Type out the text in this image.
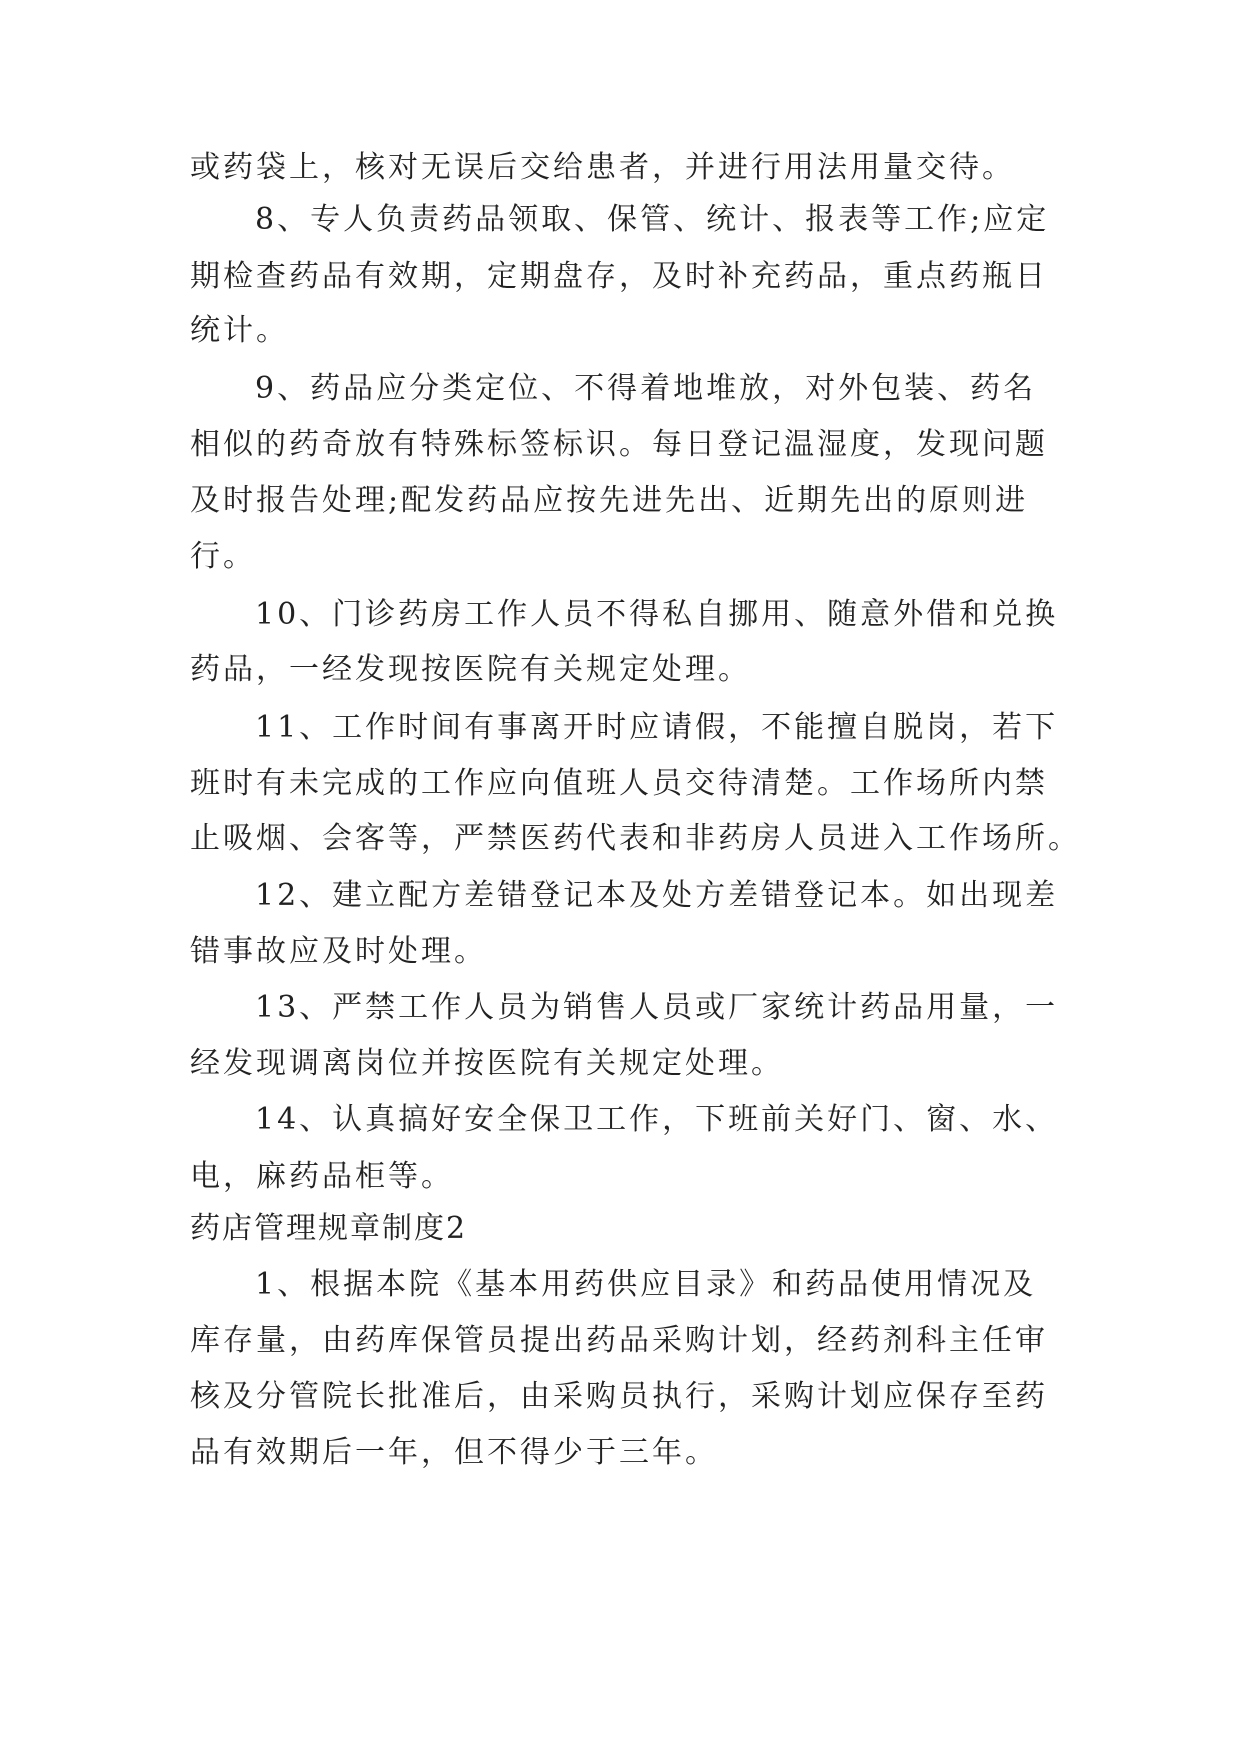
或药袋上，核对无误后交给患者，并进行用法用量交待。
8、专人负责药品领取、保管、统计、报表等工作;应定
期检查药品有效期，定期盘存，及时补充药品，重点药瓶日
统计。
9、药品应分类定位、不得着地堆放，对外包装、药名
相似的药奇放有特殊标签标识。每日登记温湿度，发现问题
及时报告处理;配发药品应按先进先出、近期先出的原则进
行。
10、门诊药房工作人员不得私自挪用、随意外借和兑换
药品，一经发现按医院有关规定处理。
11、工作时间有事离开时应请假，不能擅自脱岗，若下
班时有未完成的工作应向值班人员交待清楚。工作场所内禁
止吸烟、会客等，严禁医药代表和非药房人员进入工作场所。
12、建立配方差错登记本及处方差错登记本。如出现差
错事故应及时处理。
13、严禁工作人员为销售人员或厂家统计药品用量，一
经发现调离岗位并按医院有关规定处理。
14、认真搞好安全保卫工作，下班前关好门、窗、水、
电，麻药品柜等。
药店管理规章制度2
1、根据本院《基本用药供应目录》和药品使用情况及
库存量，由药库保管员提出药品采购计划，经药剂科主任审
核及分管院长批准后，由采购员执行，采购计划应保存至药
品有效期后一年，但不得少于三年。
